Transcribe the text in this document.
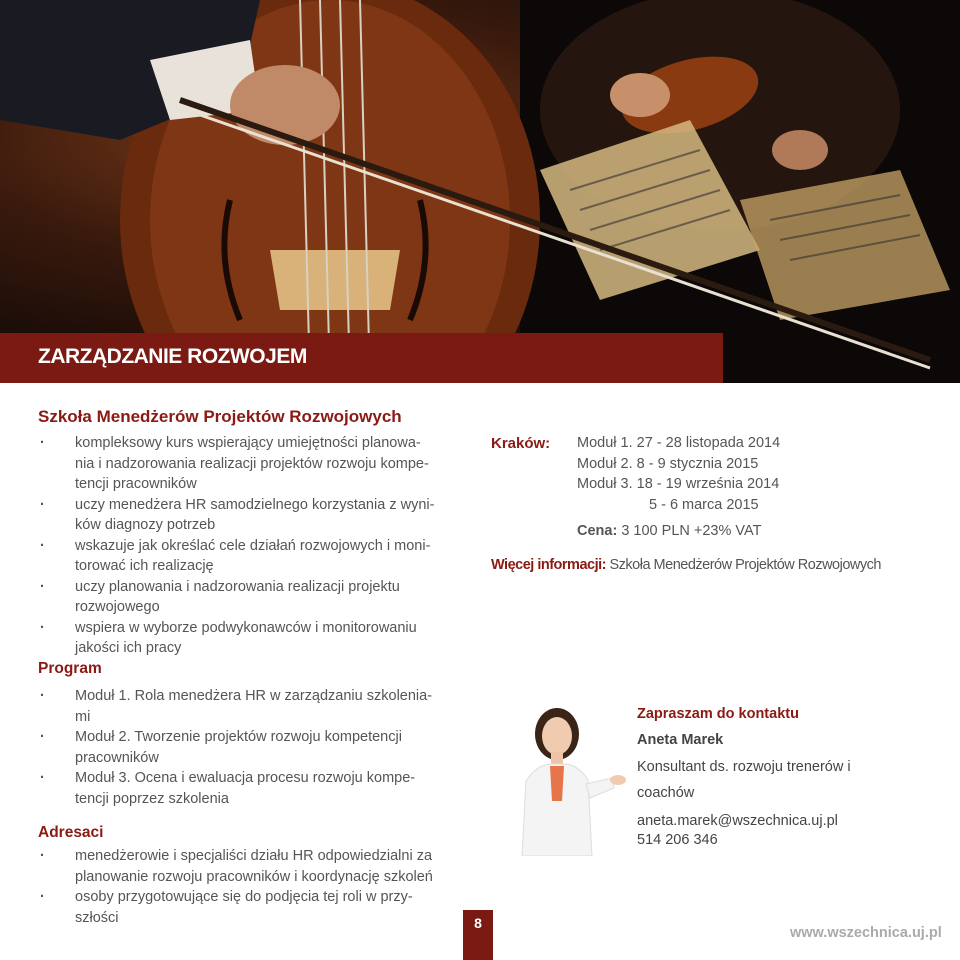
ZARZĄDZANIE ROZWOJEM
Szkoła Menedżerów Projektów Rozwojowych
· kompleksowy kurs wspierający umiejętności planowa-
nia i nadzorowania realizacji projektów rozwoju kompe-
tencji pracowników
· uczy menedżera HR samodzielnego korzystania z wyni-
ków diagnozy potrzeb
· wskazuje jak określać cele działań rozwojowych i moni-
torować ich realizację
· uczy planowania i nadzorowania realizacji projektu
rozwojowego
· wspiera w wyborze podwykonawców i monitorowaniu
jakości ich pracy
Program
· Moduł 1. Rola menedżera HR w zarządzaniu szkolenia-
mi
· Moduł 2. Tworzenie projektów rozwoju kompetencji
pracowników
· Moduł 3. Ocena i ewaluacja procesu rozwoju kompe-
tencji poprzez szkolenia
Adresaci
· menedżerowie i specjaliści działu HR odpowiedzialni za
planowanie rozwoju pracowników i koordynację szkoleń
· osoby przygotowujące się do podjęcia tej roli w przy-
szłości	8
Kraków: Moduł 1. 27 - 28 listopada 2014
Moduł 2. 8 - 9 stycznia 2015
Moduł 3. 18 - 19 września 2014
5 - 6 marca 2015
Cena: 3 100 PLN +23% VAT
Więcej informacji: Szkoła Menedżerów Projektów Rozwojowych
Zapraszam do kontaktu
Aneta Marek
Konsultant ds. rozwoju trenerów i
coachów
aneta.marek@wszechnica.uj.pl
514 206 346
www.wszechnica.uj.pl
